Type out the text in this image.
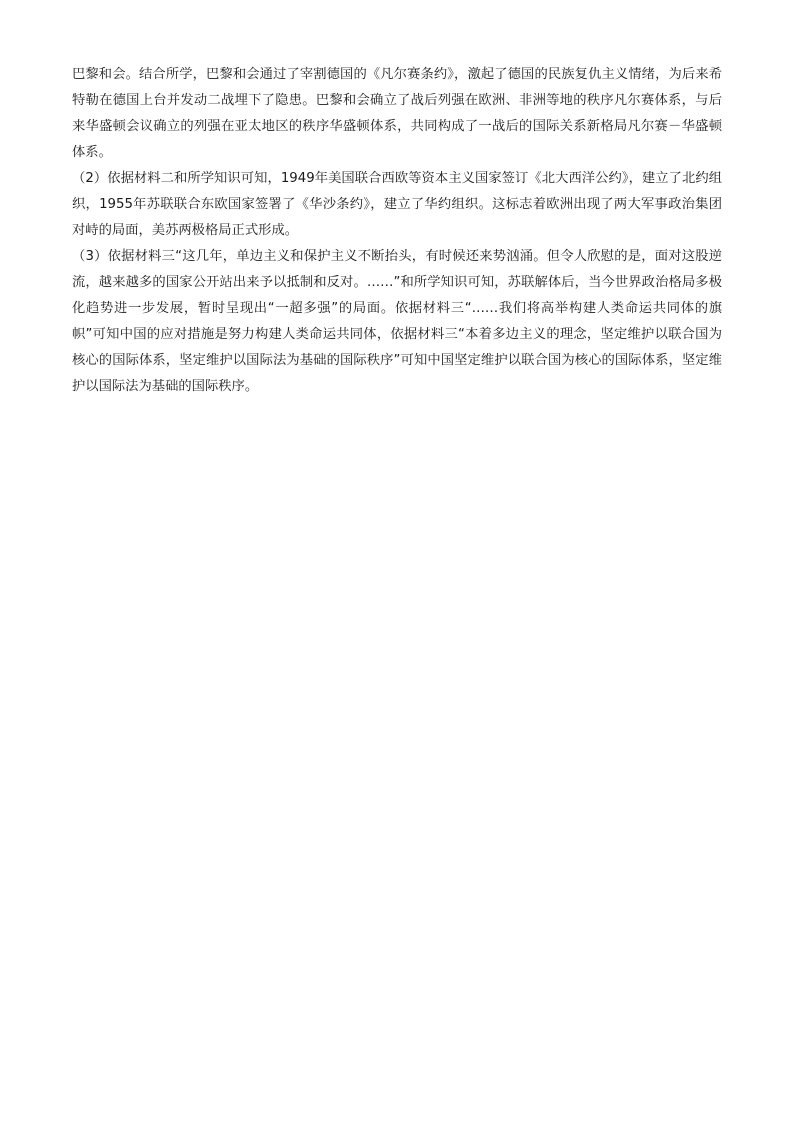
巴黎和会。结合所学，巴黎和会通过了宰割德国的《凡尔赛条约》，激起了德国的民族复仇主义情绪，为后来希特勒在德国上台并发动二战埋下了隐患。巴黎和会确立了战后列强在欧洲、非洲等地的秩序凡尔赛体系，与后来华盛顿会议确立的列强在亚太地区的秩序华盛顿体系，共同构成了一战后的国际关系新格局凡尔赛－华盛顿体系。

（2）依据材料二和所学知识可知，1949年美国联合西欧等资本主义国家签订《北大西洋公约》，建立了北约组织，1955年苏联联合东欧国家签署了《华沙条约》，建立了华约组织。这标志着欧洲出现了两大军事政治集团对峙的局面，美苏两极格局正式形成。

（3）依据材料三“这几年，单边主义和保护主义不断抬头，有时候还来势汹涌。但令人欣慰的是，面对这股逆流，越来越多的国家公开站出来予以抵制和反对。……”和所学知识可知，苏联解体后，当今世界政治格局多极化趋势进一步发展，暂时呈现出“一超多强”的局面。依据材料三“……我们将高举构建人类命运共同体的旗帜”可知中国的应对措施是努力构建人类命运共同体，依据材料三“本着多边主义的理念，坚定维护以联合国为核心的国际体系，坚定维护以国际法为基础的国际秩序”可知中国坚定维护以联合国为核心的国际体系，坚定维护以国际法为基础的国际秩序。
